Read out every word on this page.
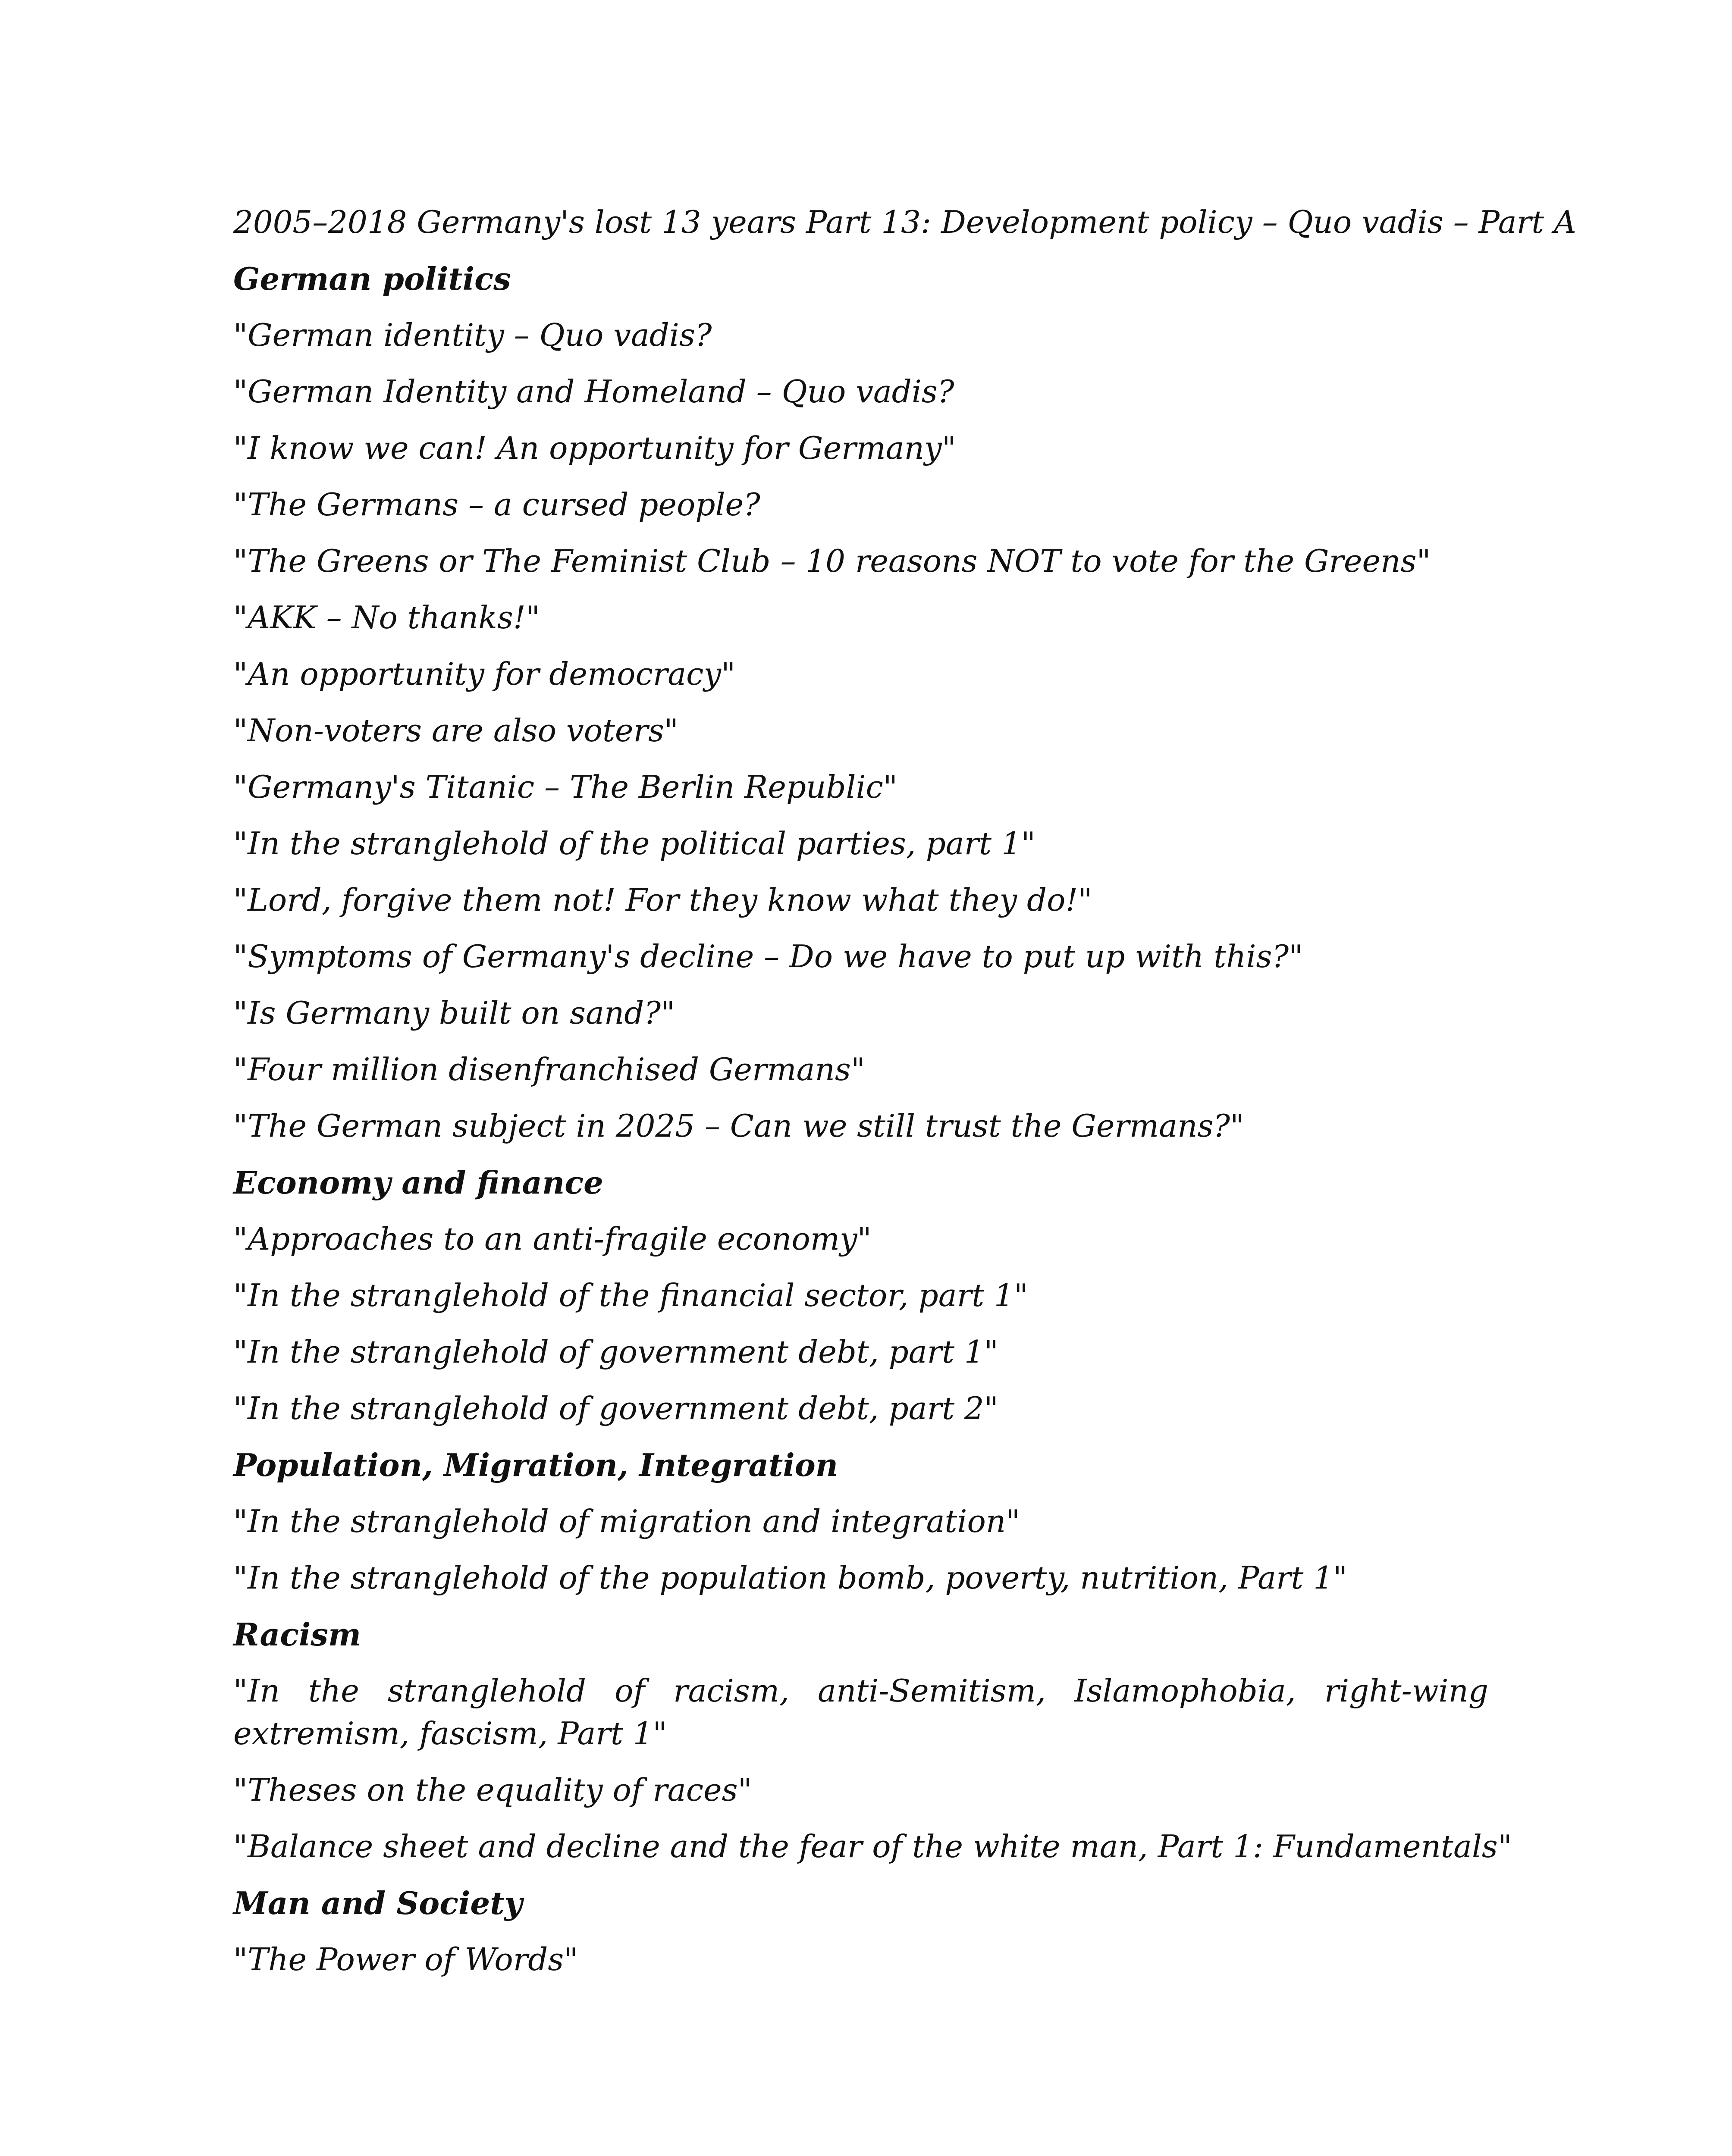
2005–2018 Germany's lost 13 years Part 13: Development policy – Quo vadis – Part A
German politics
"German identity – Quo vadis?
"German Identity and Homeland – Quo vadis?
"I know we can! An opportunity for Germany"
"The Germans – a cursed people?
"The Greens or The Feminist Club – 10 reasons NOT to vote for the Greens"
"AKK – No thanks!"
"An opportunity for democracy"
"Non-voters are also voters"
"Germany's Titanic – The Berlin Republic"
"In the stranglehold of the political parties, part 1"
"Lord, forgive them not! For they know what they do!"
"Symptoms of Germany's decline – Do we have to put up with this?"
"Is Germany built on sand?"
"Four million disenfranchised Germans"
"The German subject in 2025 – Can we still trust the Germans?"
Economy and finance
"Approaches to an anti-fragile economy"
"In the stranglehold of the financial sector, part 1"
"In the stranglehold of government debt, part 1"
"In the stranglehold of government debt, part 2"
Population, Migration, Integration
"In the stranglehold of migration and integration"
"In the stranglehold of the population bomb, poverty, nutrition, Part 1"
Racism
"In the stranglehold of racism, anti-Semitism, Islamophobia, right-wing extremism, fascism, Part 1"
"Theses on the equality of races"
"Balance sheet and decline and the fear of the white man, Part 1: Fundamentals"
Man and Society
"The Power of Words"
